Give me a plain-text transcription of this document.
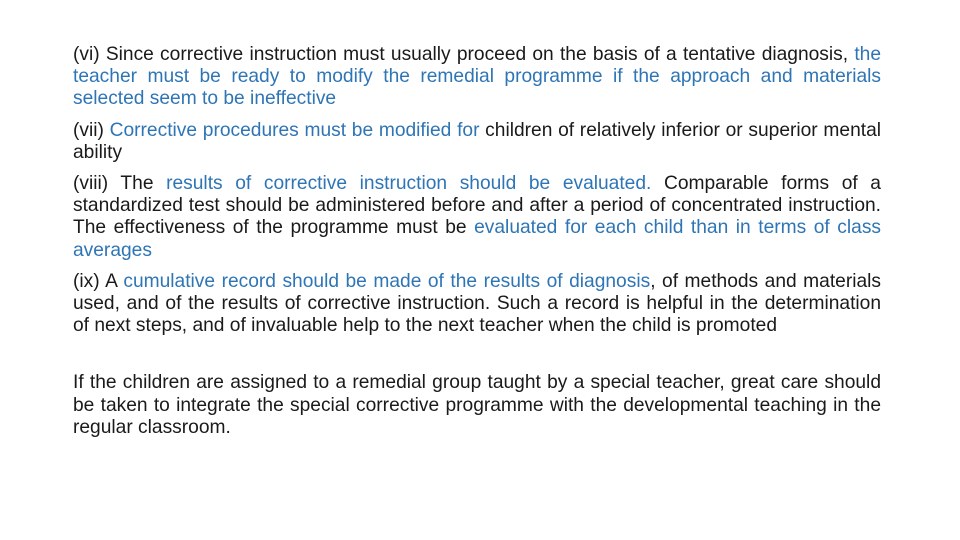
(vi) Since corrective instruction must usually proceed on the basis of a tentative diagnosis, the teacher must be ready to modify the remedial programme if the approach and materials selected seem to be ineffective

(vii) Corrective procedures must be modified for children of relatively inferior or superior mental ability

(viii) The results of corrective instruction should be evaluated. Comparable forms of a standardized test should be administered before and after a period of concentrated instruction. The effectiveness of the programme must be evaluated for each child than in terms of class averages

(ix) A cumulative record should be made of the results of diagnosis, of methods and materials used, and of the results of corrective instruction. Such a record is helpful in the determination of next steps, and of invaluable help to the next teacher when the child is promoted

If the children are assigned to a remedial group taught by a special teacher, great care should be taken to integrate the special corrective programme with the developmental teaching in the regular classroom.
